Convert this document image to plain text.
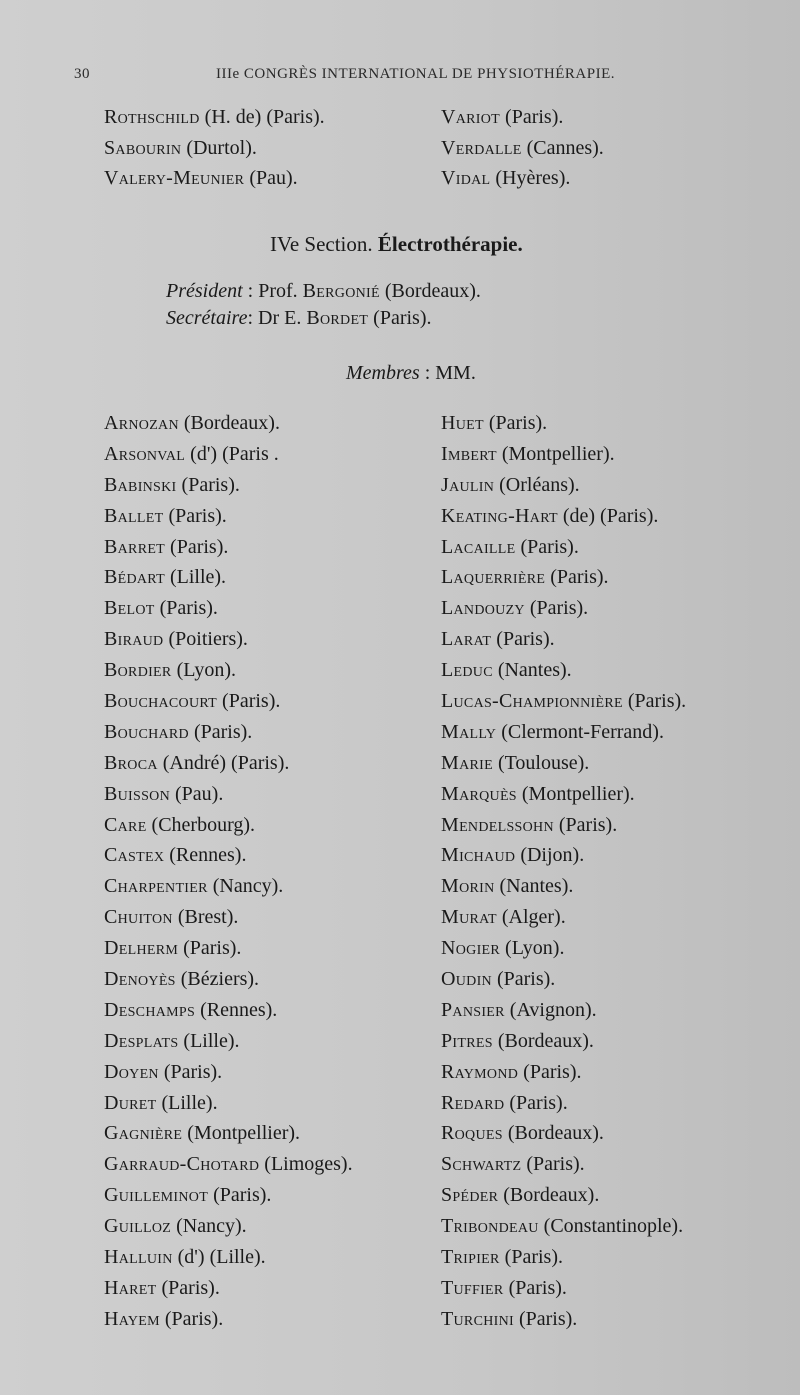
30	IIIe CONGRÈS INTERNATIONAL DE PHYSIOTHÉRAPIE.
Rothschild (H. de) (Paris).
Sabourin (Durtol).
Valery-Meunier (Pau).
Variot (Paris).
Verdalle (Cannes).
Vidal (Hyères).
IVe Section. Électrothérapie.
Président : Prof. Bergonié (Bordeaux).
Secrétaire: Dr E. Bordet (Paris).
Membres : MM.
Arnozan (Bordeaux).
Arsonval (d') (Paris .
Babinski (Paris).
Ballet (Paris).
Barret (Paris).
Bédart (Lille).
Belot (Paris).
Biraud (Poitiers).
Bordier (Lyon).
Bouchacourt (Paris).
Bouchard (Paris).
Broca (André) (Paris).
Buisson (Pau).
Care (Cherbourg).
Castex (Rennes).
Charpentier (Nancy).
Chuiton (Brest).
Delherm (Paris).
Denoyès (Béziers).
Deschamps (Rennes).
Desplats (Lille).
Doyen (Paris).
Duret (Lille).
Gagnière (Montpellier).
Garraud-Chotard (Limoges).
Guilleminot (Paris).
Guilloz (Nancy).
Halluin (d') (Lille).
Haret (Paris).
Hayem (Paris).
Huet (Paris).
Imbert (Montpellier).
Jaulin (Orléans).
Keating-Hart (de) (Paris).
Lacaille (Paris).
Laquerrière (Paris).
Landouzy (Paris).
Larat (Paris).
Leduc (Nantes).
Lucas-Championnière (Paris).
Mally (Clermont-Ferrand).
Marie (Toulouse).
Marquès (Montpellier).
Mendelssohn (Paris).
Michaud (Dijon).
Morin (Nantes).
Murat (Alger).
Nogier (Lyon).
Oudin (Paris).
Pansier (Avignon).
Pitres (Bordeaux).
Raymond (Paris).
Redard (Paris).
Roques (Bordeaux).
Schwartz (Paris).
Spéder (Bordeaux).
Tribondeau (Constantinople).
Tripier (Paris).
Tuffier (Paris).
Turchini (Paris).
